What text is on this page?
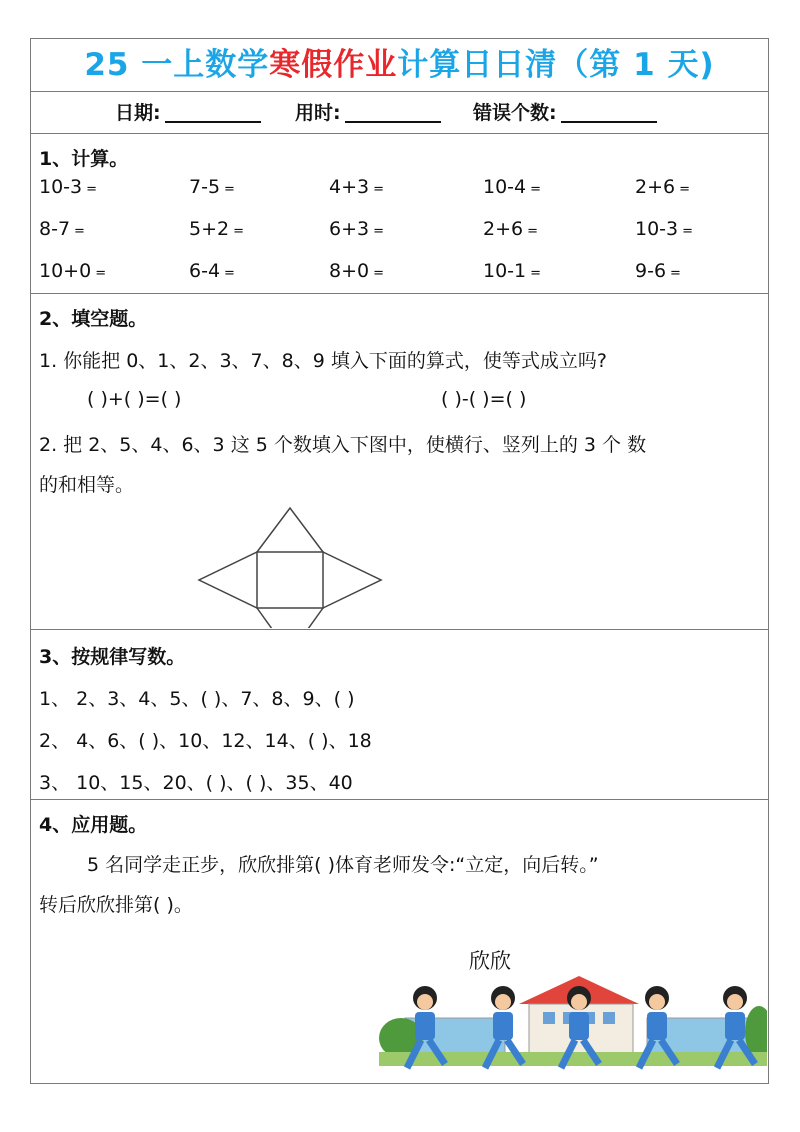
25 一上数学寒假作业计算日日清（第 1 天)
日期:	用时:	错误个数:
1、计算。
10-3 =	7-5 =	4+3 =	10-4 =	2+6 =
8-7 =	5+2 =	6+3 =	2+6 =	10-3 =
10+0 =	6-4 =	8+0 =	10-1 =	9-6 =
2、填空题。
1. 你能把 0、1、2、3、7、8、9 填入下面的算式，使等式成立吗?
( )+( )=( )	( )-( )=( )
2. 把 2、5、4、6、3 这 5 个数填入下图中，使横行、竖列上的 3 个 数
的和相等。
3、按规律写数。
1、 2、3、4、5、( )、7、8、9、( )
2、 4、6、( )、10、12、14、( )、18
3、 10、15、20、( )、( )、35、40
4、应用题。
5 名同学走正步，欣欣排第( )体育老师发令:“立定，向后转。”
转后欣欣排第( )。
欣欣
